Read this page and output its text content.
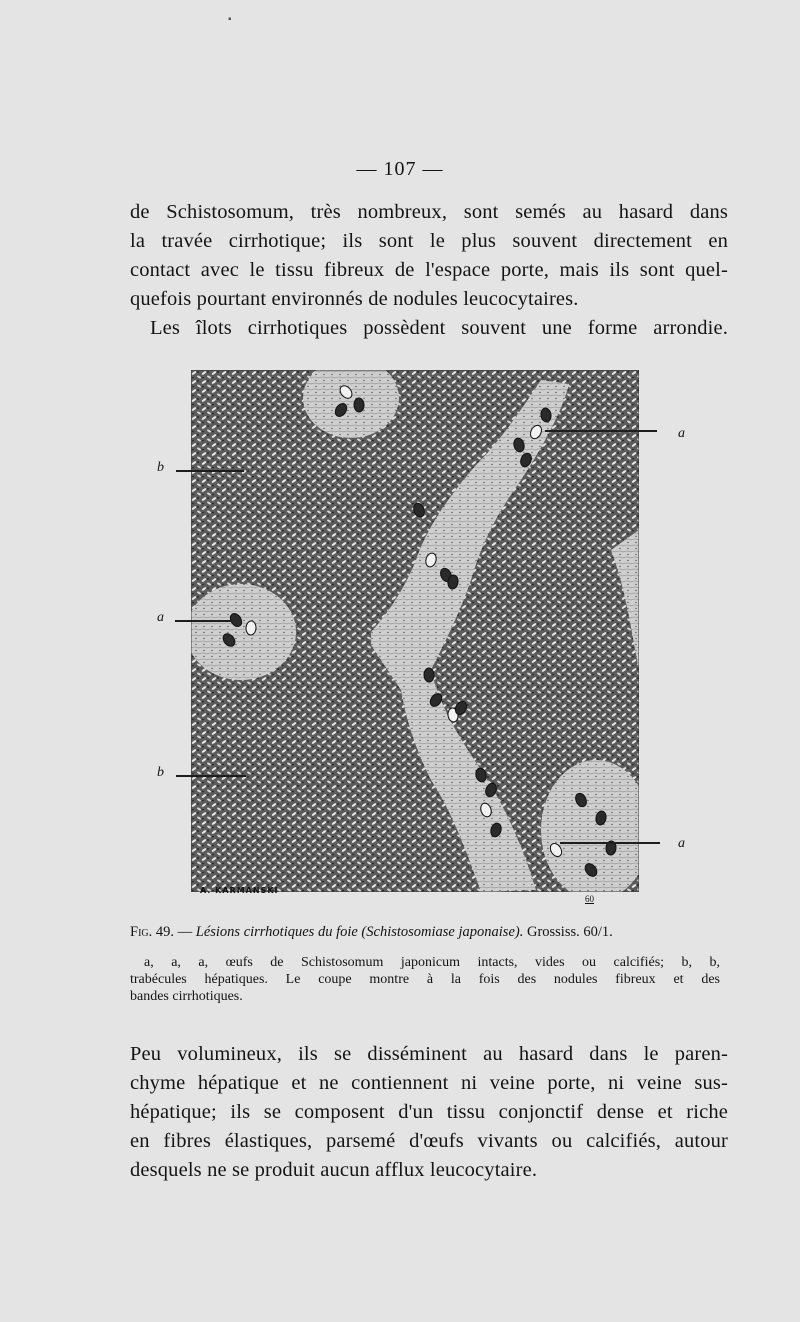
▪
— 107 —
de Schistosomum, très nombreux, sont semés au hasard dans
la travée cirrhotique; ils sont le plus souvent directement en
contact avec le tissu fibreux de l'espace porte, mais ils sont quel-
quefois pourtant environnés de nodules leucocytaires.
Les îlots cirrhotiques possèdent souvent une forme arrondie.
a
b
a
b
a
A. KARMANSKI
60
Fig. 49. — Lésions cirrhotiques du foie (Schistosomiase japonaise). Grossiss. 60/1.
a, a, a, œufs de Schistosomum japonicum intacts, vides ou calcifiés; b, b,
trabécules hépatiques. Le coupe montre à la fois des nodules fibreux et des
bandes cirrhotiques.
Peu volumineux, ils se disséminent au hasard dans le paren-
chyme hépatique et ne contiennent ni veine porte, ni veine sus-
hépatique; ils se composent d'un tissu conjonctif dense et riche
en fibres élastiques, parsemé d'œufs vivants ou calcifiés, autour
desquels ne se produit aucun afflux leucocytaire.
